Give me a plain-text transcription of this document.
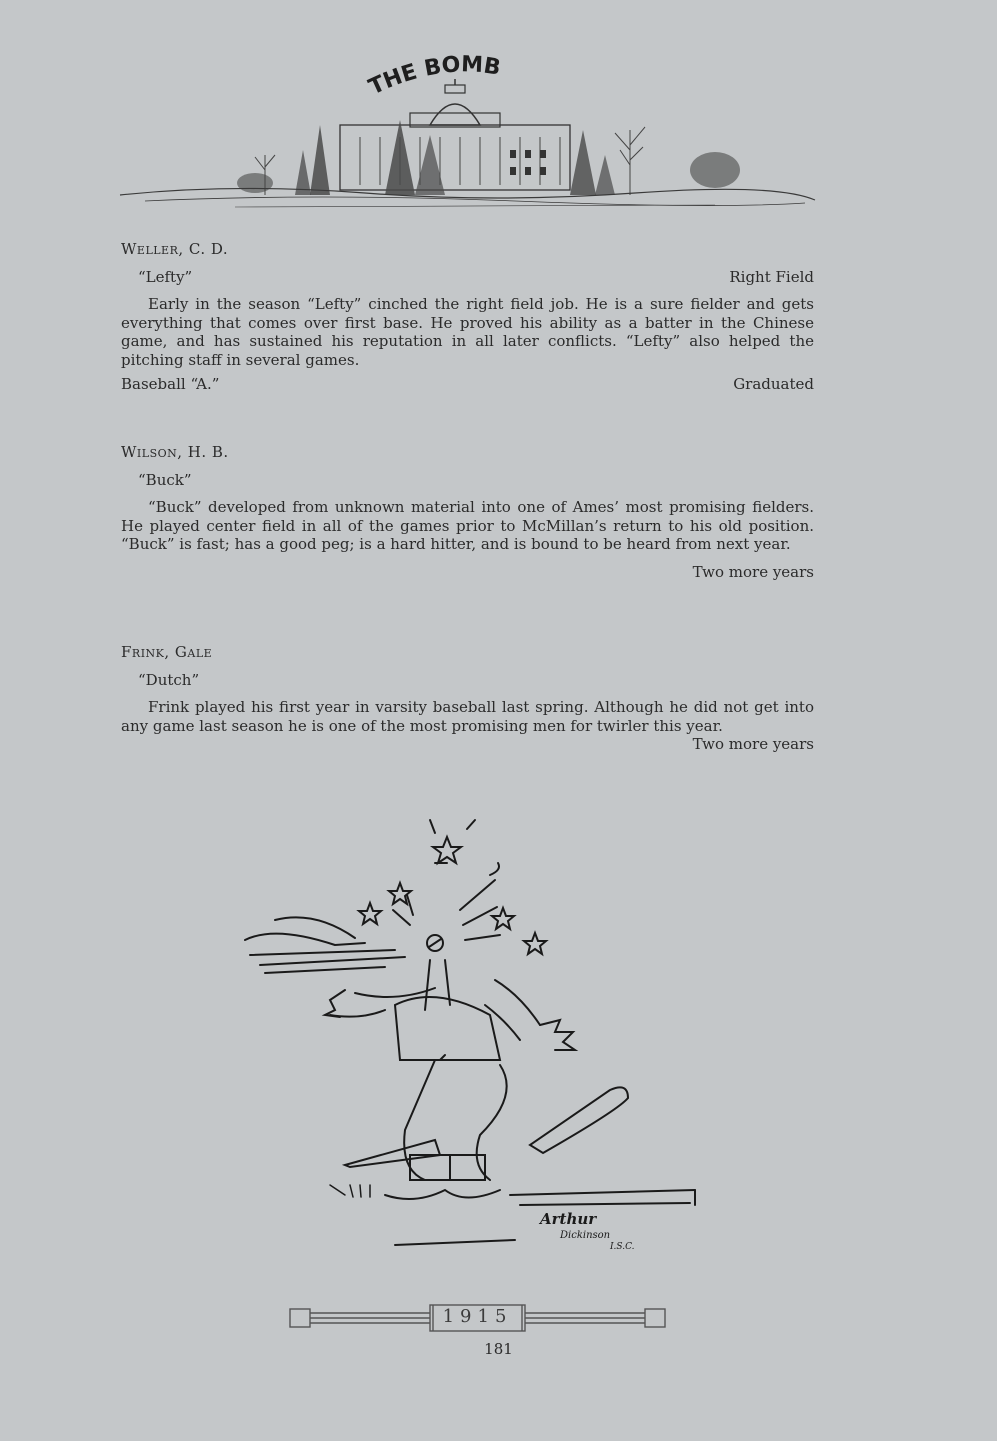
THE BOMB
Weller, C. D.
“Lefty”	Right Field
Early in the season “Lefty” cinched the right field job. He is a sure fielder and gets everything that comes over first base. He proved his ability as a batter in the Chinese game, and has sustained his reputation in all later conflicts. “Lefty” also helped the pitching staff in several games.
Baseball “A.”	Graduated
Wilson, H. B.
“Buck”
“Buck” developed from unknown material into one of Ames’ most promising fielders. He played center field in all of the games prior to McMillan’s return to his old position. “Buck” is fast; has a good peg; is a hard hitter, and is bound to be heard from next year.
Two more years
Frink, Gale
“Dutch”
Frink played his first year in varsity baseball last spring. Although he did not get into any game last season he is one of the most promising men for twirler this year.
Two more years
Arthur
Dickinson
I.S.C.
1915
181
